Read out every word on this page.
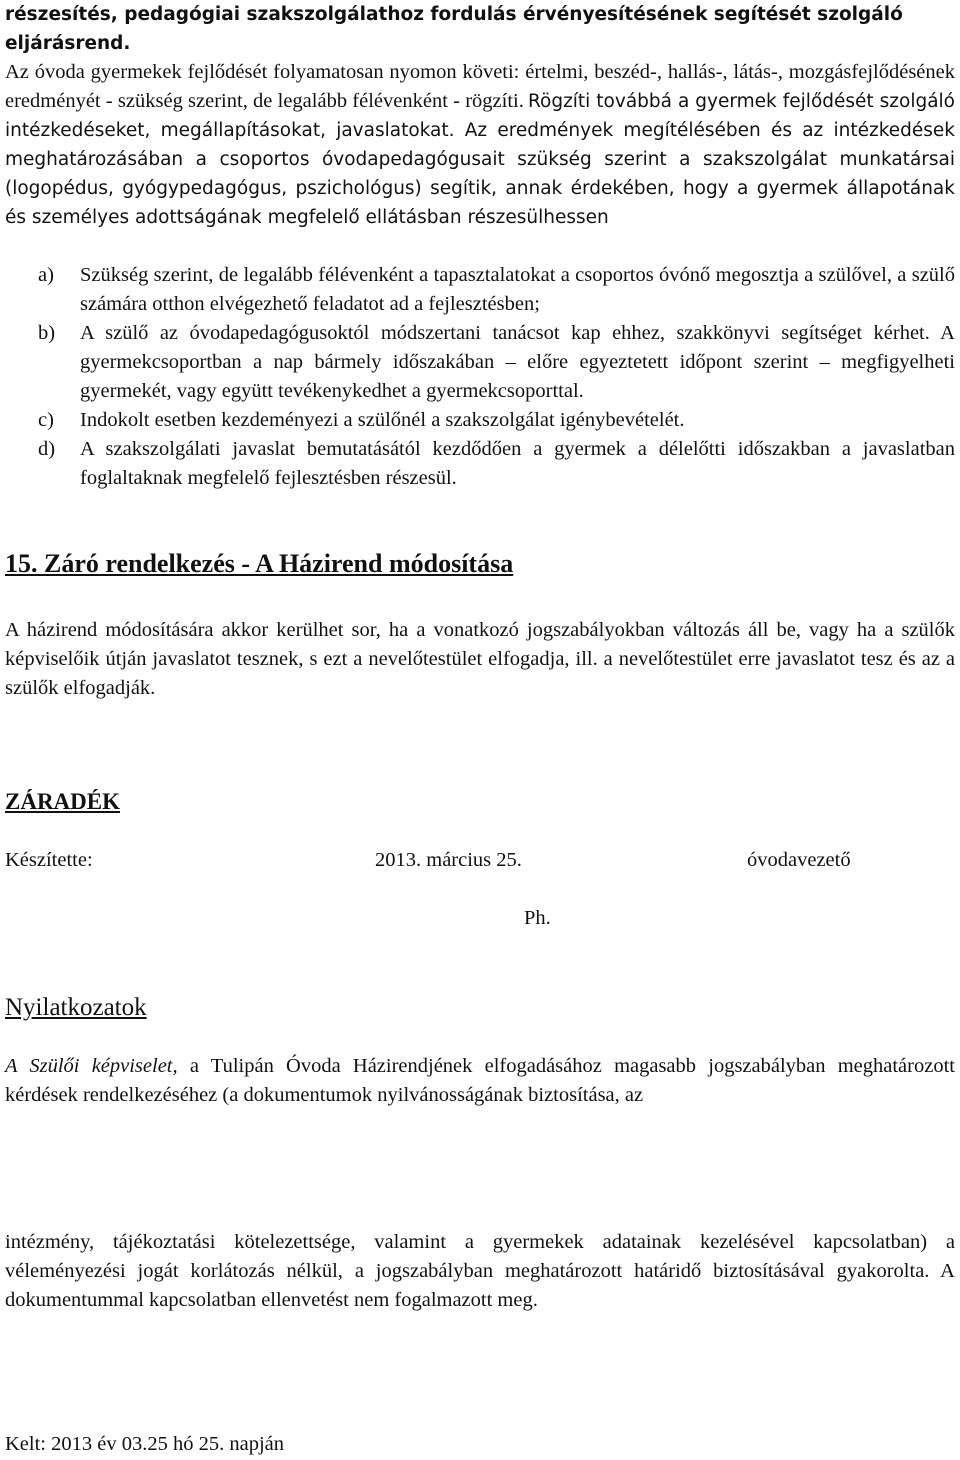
részesítés, pedagógiai szakszolgálathoz fordulás érvényesítésének segítését szolgáló eljárásrend.

Az óvoda gyermekek fejlődését folyamatosan nyomon követi: értelmi, beszéd-, hallás-, látás-, mozgásfejlődésének eredményét - szükség szerint, de legalább félévenként - rögzíti. Rögzíti továbbá a gyermek fejlődését szolgáló intézkedéseket, megállapításokat, javaslatokat. Az eredmények megítélésében és az intézkedések meghatározásában a csoportos óvodapedagógusait szükség szerint a szakszolgálat munkatársai (logopédus, gyógypedagógus, pszichológus) segítik, annak érdekében, hogy a gyermek állapotának és személyes adottságának megfelelő ellátásban részesülhessen
a) Szükség szerint, de legalább félévenként a tapasztalatokat a csoportos óvónő megosztja a szülővel, a szülő számára otthon elvégezhető feladatot ad a fejlesztésben;
b) A szülő az óvodapedagógusoktól módszertani tanácsot kap ehhez, szakkönyvi segítséget kérhet. A gyermekcsoportban a nap bármely időszakában – előre egyeztetett időpont szerint – megfigyelheti gyermekét, vagy együtt tevékenykedhet a gyermekcsoporttal.
c) Indokolt esetben kezdeményezi a szülőnél a szakszolgálat igénybevételét.
d) A szakszolgálati javaslat bemutatásától kezdődően a gyermek a délelőtti időszakban a javaslatban foglaltaknak megfelelő fejlesztésben részesül.
15. Záró rendelkezés - A Házirend módosítása

A házirend módosítására akkor kerülhet sor, ha a vonatkozó jogszabályokban változás áll be, vagy ha a szülők képviselőik útján javaslatot tesznek, s ezt a nevelőtestület elfogadja, ill. a nevelőtestület erre javaslatot tesz és az a szülők elfogadják.

ZÁRADÉK
Készítette:	2013. március 25.	óvodavezető
Ph.
Nyilatkozatok

A Szülői képviselet, a Tulipán Óvoda Házirendjének elfogadásához magasabb jogszabályban meghatározott kérdések rendelkezéséhez (a dokumentumok nyilvánosságának biztosítása, az

intézmény, tájékoztatási kötelezettsége, valamint a gyermekek adatainak kezelésével kapcsolatban) a véleményezési jogát korlátozás nélkül, a jogszabályban meghatározott határidő biztosításával gyakorolta. A dokumentummal kapcsolatban ellenvetést nem fogalmazott meg.

Kelt: 2013 év 03.25 hó 25. napján
